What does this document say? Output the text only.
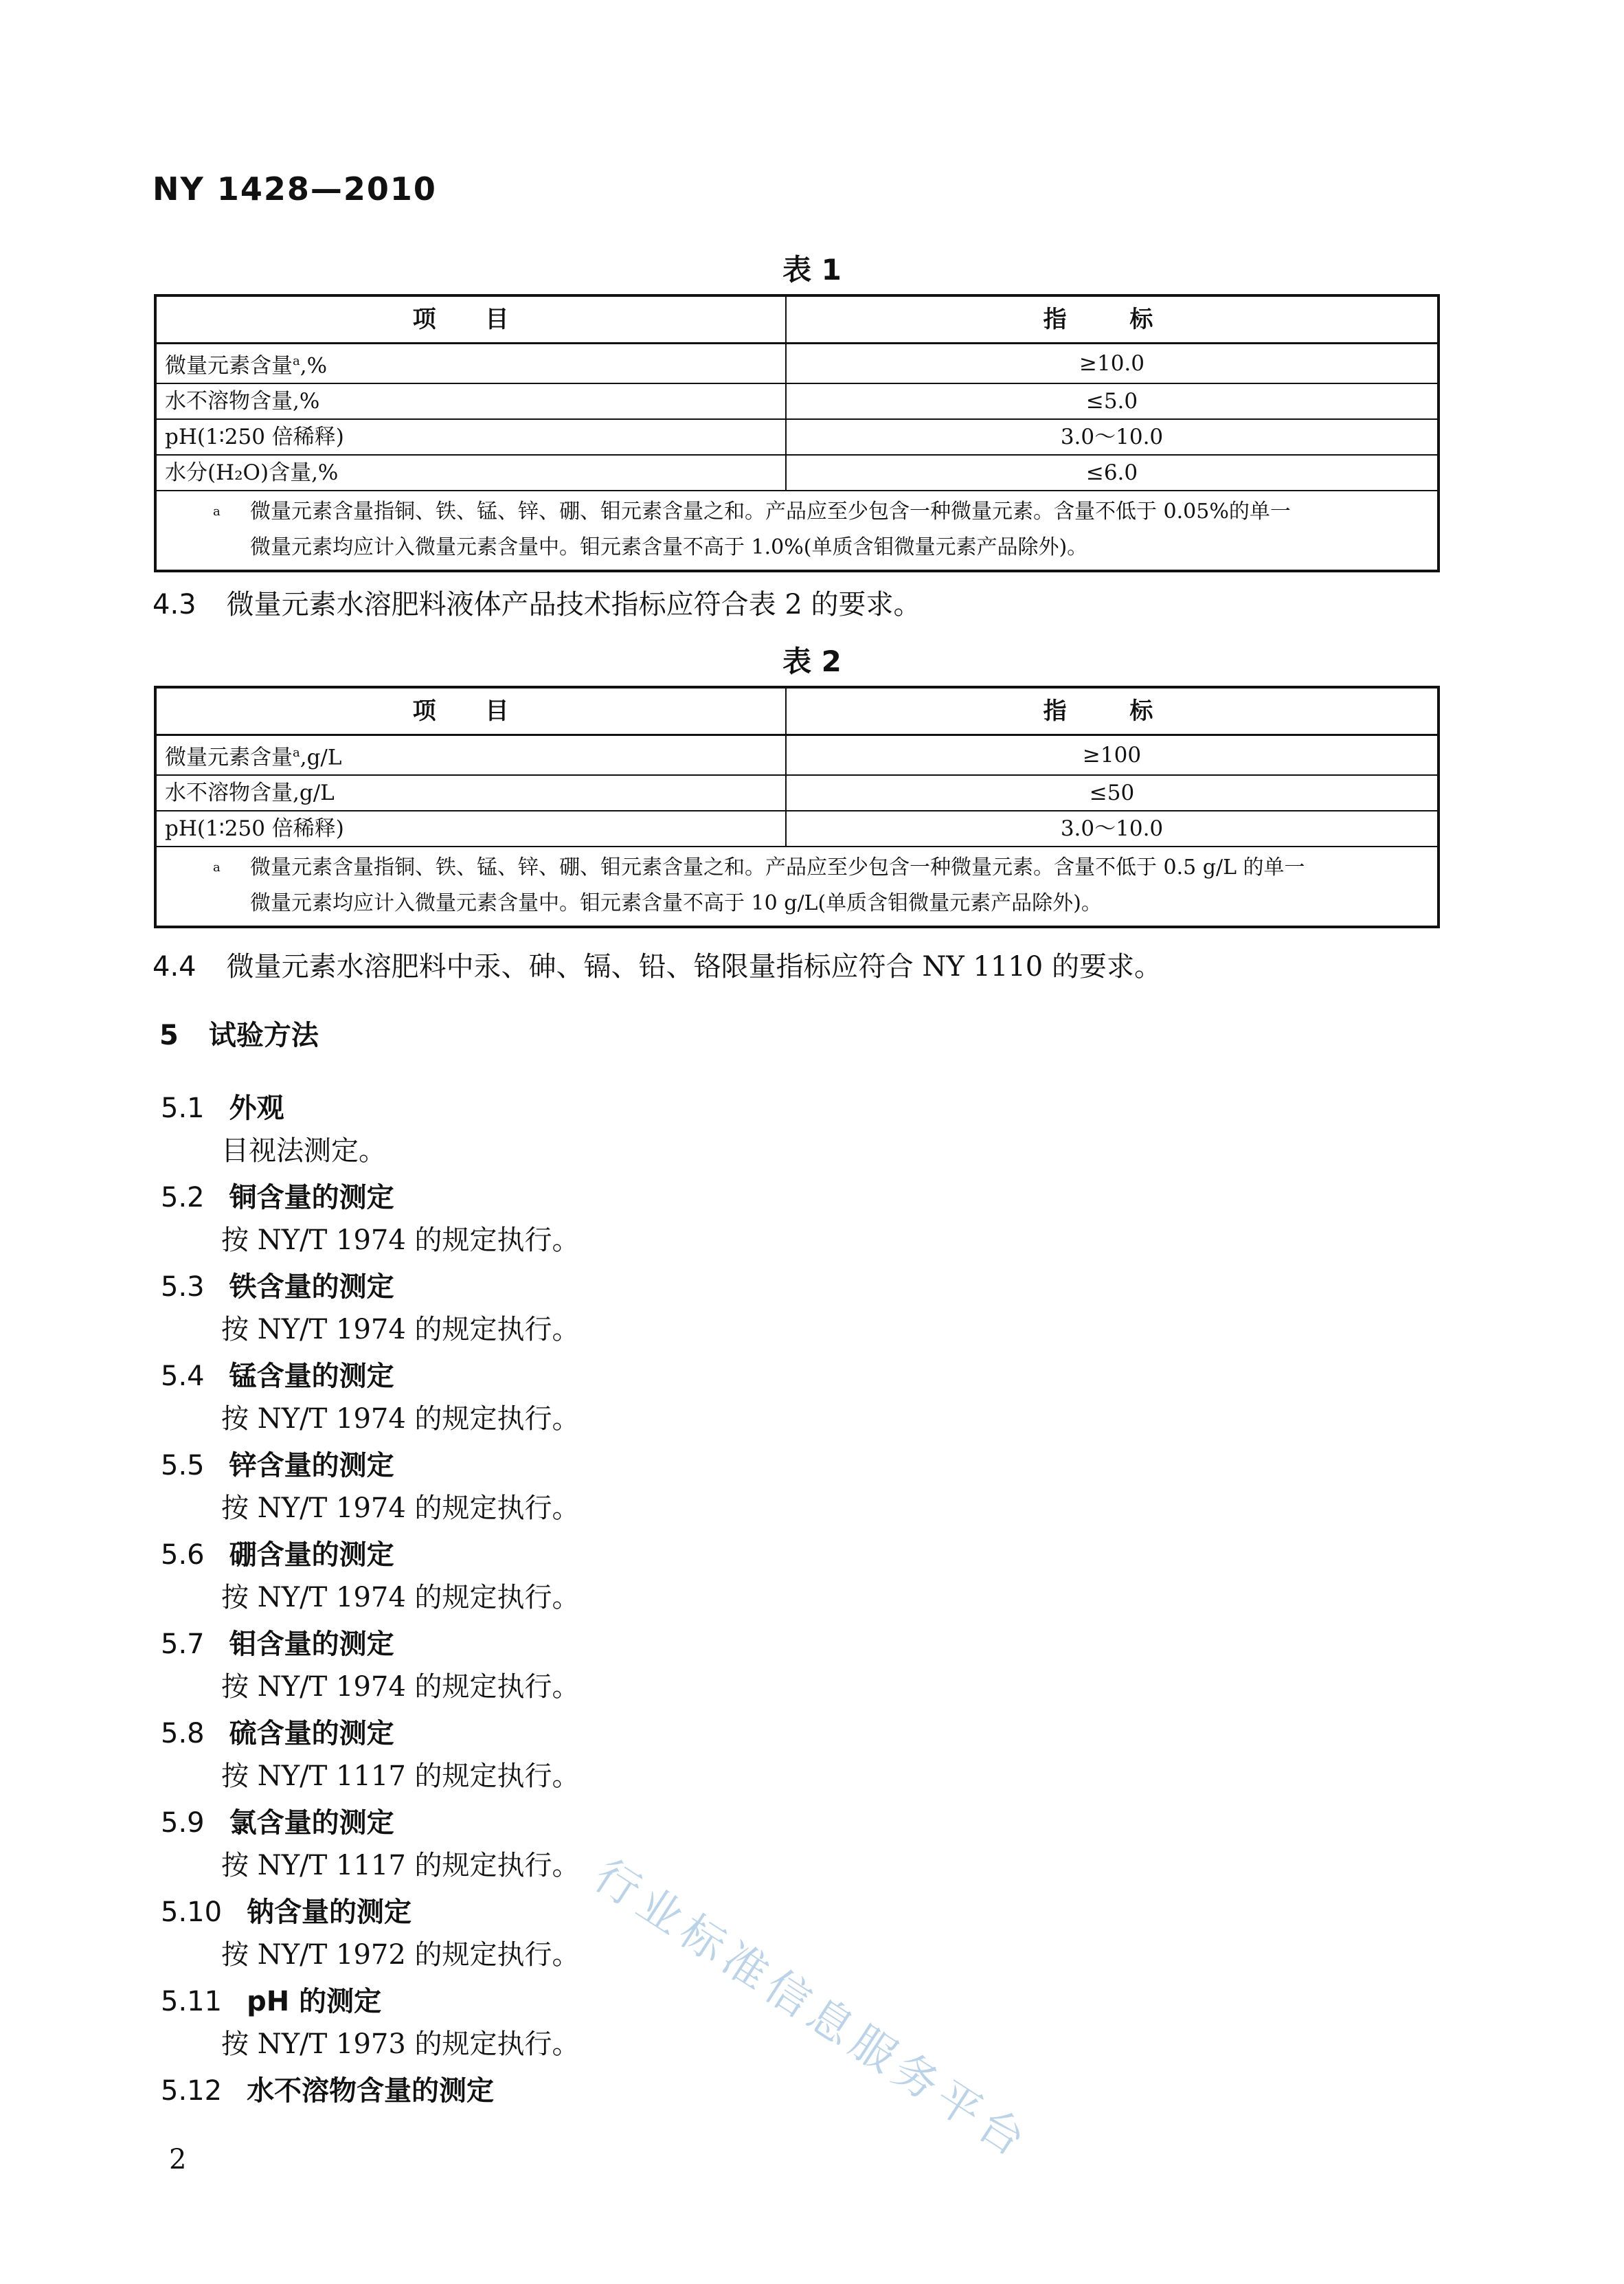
NY 1428—2010
表 1
项 目	指 标
微量元素含量$^a$,%	≥10.0
水不溶物含量,%	≤5.0
pH(1∶250 倍稀释)	3.0～10.0
水分(H₂O)含量,%	≤6.0

a 微量元素含量指铜、铁、锰、锌、硼、钼元素含量之和。产品应至少包含一种微量元素。含量不低于 0.05%的单一
微量元素均应计入微量元素含量中。钼元素含量不高于 1.0%(单质含钼微量元素产品除外)。	
4.3 微量元素水溶肥料液体产品技术指标应符合表 2 的要求。
表 2
项 目	指 标
微量元素含量$^a$,g/L	≥100
水不溶物含量,g/L	≤50
pH(1∶250 倍稀释)	3.0～10.0

a 微量元素含量指铜、铁、锰、锌、硼、钼元素含量之和。产品应至少包含一种微量元素。含量不低于 0.5 g/L 的单一
微量元素均应计入微量元素含量中。钼元素含量不高于 10 g/L(单质含钼微量元素产品除外)。	
4.4 微量元素水溶肥料中汞、砷、镉、铅、铬限量指标应符合 NY 1110 的要求。
5 试验方法
5.1 外观
目视法测定。
5.2 铜含量的测定
按 NY/T 1974 的规定执行。
5.3 铁含量的测定
按 NY/T 1974 的规定执行。
5.4 锰含量的测定
按 NY/T 1974 的规定执行。
5.5 锌含量的测定
按 NY/T 1974 的规定执行。
5.6 硼含量的测定
按 NY/T 1974 的规定执行。
5.7 钼含量的测定
按 NY/T 1974 的规定执行。
5.8 硫含量的测定
按 NY/T 1117 的规定执行。
5.9 氯含量的测定
按 NY/T 1117 的规定执行。
5.10 钠含量的测定
按 NY/T 1972 的规定执行。
5.11 pH 的测定
按 NY/T 1973 的规定执行。
5.12 水不溶物含量的测定 行业标准信息服务平台
2
